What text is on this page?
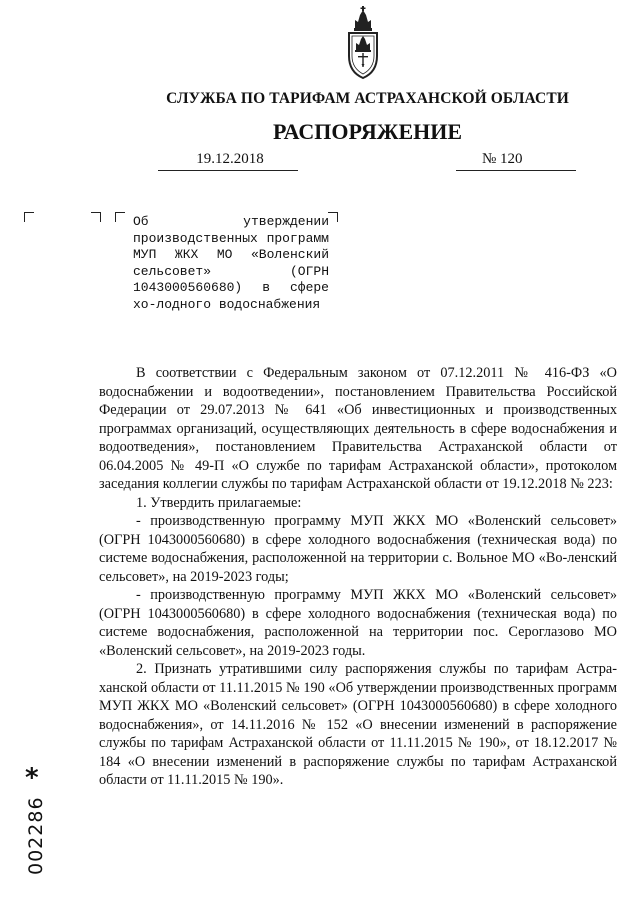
СЛУЖБА ПО ТАРИФАМ АСТРАХАНСКОЙ ОБЛАСТИ
РАСПОРЯЖЕНИЕ
19.12.2018	№ 120

Об утверждении производственных программ МУП ЖКХ МО «Воленский сельсовет» (ОГРН 1043000560680) в сфере хо-лодного водоснабжения

В соответствии с Федеральным законом от 07.12.2011 № 416-ФЗ «О водоснабжении и водоотведении», постановлением Правительства Российской Федерации от 29.07.2013 № 641 «Об инвестиционных и производственных программах организаций, осуществляющих деятельность в сфере водоснабжения и водоотведения», постановлением Правительства Астраханской области от 06.04.2005 № 49-П «О службе по тарифам Астраханской области», протоколом заседания коллегии службы по тарифам Астраханской области от 19.12.2018 № 223:

1. Утвердить прилагаемые:

- производственную программу МУП ЖКХ МО «Воленский сельсовет» (ОГРН 1043000560680) в сфере холодного водоснабжения (техническая вода) по системе водоснабжения, расположенной на территории с. Вольное МО «Во-ленский сельсовет», на 2019-2023 годы;

- производственную программу МУП ЖКХ МО «Воленский сельсовет» (ОГРН 1043000560680) в сфере холодного водоснабжения (техническая вода) по системе водоснабжения, расположенной на территории пос. Сероглазово МО «Воленский сельсовет», на 2019-2023 годы.

2. Признать утратившими силу распоряжения службы по тарифам Астра-ханской области от 11.11.2015 № 190 «Об утверждении производственных программ МУП ЖКХ МО «Воленский сельсовет» (ОГРН 1043000560680) в сфере холодного водоснабжения», от 14.11.2016 № 152 «О внесении изменений в распоряжение службы по тарифам Астраханской области от 11.11.2015 № 190», от 18.12.2017 № 184 «О внесении изменений в распоряжение службы по тарифам Астраханской области от 11.11.2015 № 190».

*
002286
